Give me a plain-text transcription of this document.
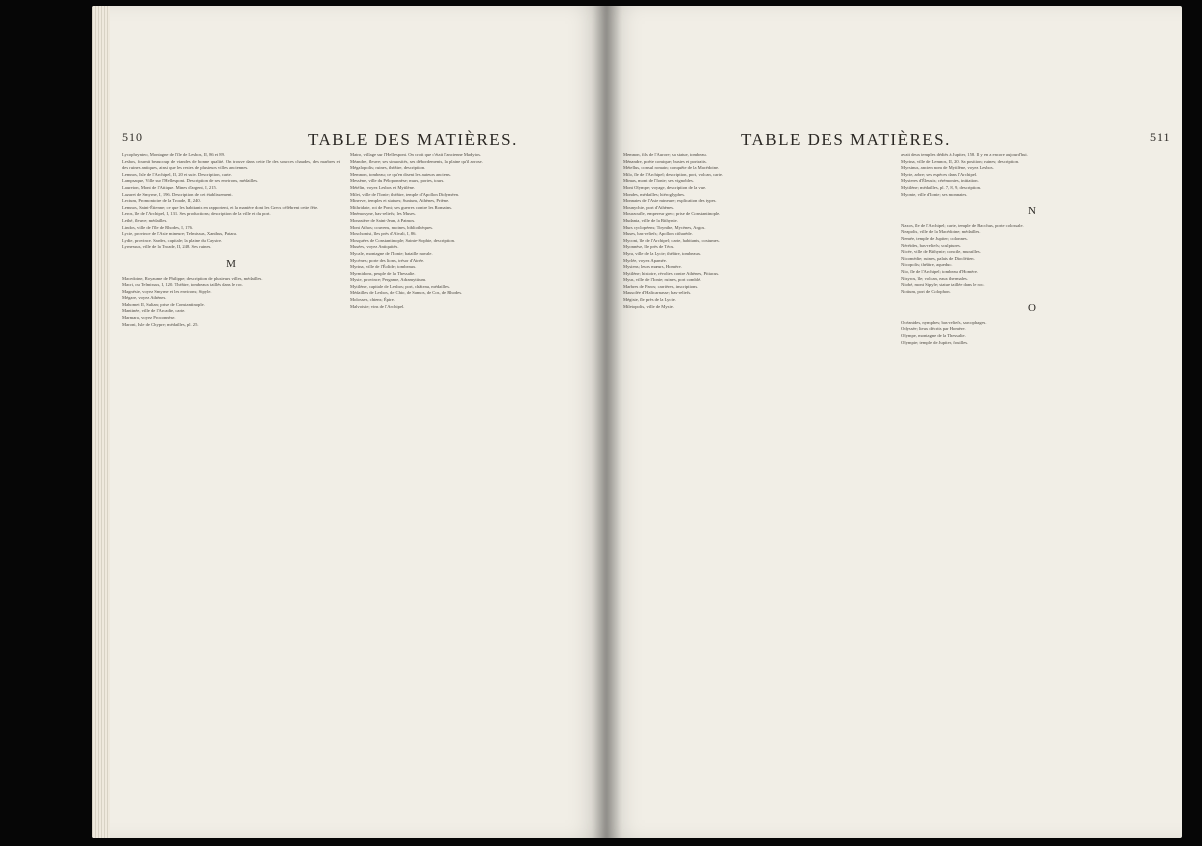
510	TABLE DES MATIÈRES.

Lycophrynteo, Montagne de l'île de Lesbos, II, 86 et 89.

Lesbos, fournit beaucoup de viandes de bonne qualité. On trouve dans cette île des sources chaudes, des marbres et des ruines antiques, ainsi que les restes de plusieurs villes anciennes.

Lemnos, Isle de l'Archipel, II, 20 et suiv. Description, carte.

Lampsaque, Ville sur l'Hellespont. Description de ses environs, médailles.

Laureion, Mont de l'Attique. Mines d'argent, I, 215.

Lazaret de Smyrne, I, 196. Description de cet établissement.

Lectum, Promontoire de la Troade, II, 240.

Lemnos, Saint-Étienne; ce que les habitants en rapportent, et la manière dont les Grecs célèbrent cette fête.

Leros, île de l'Archipel, I, 131. Ses productions; description de la ville et du port.

Lethé, fleuve; médailles.

Lindos, ville de l'île de Rhodes, I, 176.

Lycie, province de l'Asie mineure; Telmissus, Xanthus, Patara.

Lydie, province. Sardes, capitale; la plaine du Caystre.

Lyrnessus, ville de la Troade, II, 248. Ses ruines.

M

Macedoine, Royaume de Philippe; description de plusieurs villes, médailles.

Macri, ou Telmissus, I, 120. Théâtre, tombeaux taillés dans le roc.

Magnésie, voyez Smyrne et les environs; Sipyle.

Mégare, voyez Athènes.

Mahomet II, Sultan; prise de Constantinople.

Mantinée, ville de l'Arcadie, carte.

Marmara, voyez Proconnèse.

Maroni, Isle de Chypre; médailles, pl. 25.

Matro, village sur l'Hellespont. On croit que c'était l'ancienne Madytos.

Méandre, fleuve; ses sinuosités, ses débordements, la plaine qu'il arrose.

Mégalopolis; ruines, théâtre, description.

Memnon, tombeau; ce qu'en disent les auteurs anciens.

Messène, ville du Péloponnèse; murs, portes, tours.

Métélin, voyez Lesbos et Mytilène.

Milet, ville de l'Ionie; théâtre, temple d'Apollon Didyméen.

Minerve, temples et statues; Sunium, Athènes, Priène.

Mithridate, roi de Pont; ses guerres contre les Romains.

Mnémosyne, bas-reliefs; les Muses.

Monastère de Saint-Jean, à Patmos.

Mont Athos; couvens, moines, bibliothèques.

Moschonisi, îles près d'Aïvali, I, 86.

Mosquées de Constantinople; Sainte-Sophie, description.

Musées, voyez Antiquités.

Mycale, montagne de l'Ionie; bataille navale.

Mycènes; porte des lions, trésor d'Atrée.

Myrina, ville de l'Éolide; tombeaux.

Myrmidons, peuple de la Thessalie.

Mysie, province; Pergame, Adramyttium.

Mytilène, capitale de Lesbos; port, château, médailles.

Médailles de Lesbos, de Chio, de Samos, de Cos, de Rhodes.

Molosses, chiens; Épire.

Malvoisie; vins de l'Archipel.

TABLE DES MATIÈRES.	511

Memnon, fils de l'Aurore; sa statue, tombeau.

Ménandre, poète comique; bustes et portraits.

Métellus, consul romain; conquête de la Macédoine.

Milo, île de l'Archipel; description, port, volcan, carte.

Mimas, mont de l'Ionie; ses vignobles.

Mont Olympe; voyage, description de la vue.

Mondes, médailles; hiéroglyphes.

Monnaies de l'Asie mineure; explication des types.

Mounychie, port d'Athènes.

Mourzoufle, empereur grec; prise de Constantinople.

Mudania, ville de la Bithynie.

Murs cyclopéens; Tirynthe, Mycènes, Argos.

Muses, bas-reliefs; Apollon citharède.

Myconi, île de l'Archipel; carte, habitants, costumes.

Myonnèse, île près de Téos.

Myra, ville de la Lycie; théâtre, tombeaux.

Myrlée, voyez Apamée.

Mysiens; leurs mœurs, Homère.

Mytilène; histoire, révoltes contre Athènes, Pittacus.

Myus, ville de l'Ionie; ruines, port comblé.

Marbres de Paros; carrières, inscriptions.

Mausolée d'Halicarnasse; bas-reliefs.

Mégiste, île près de la Lycie.

Miletopolis, ville de Mysie.

avait deux temples dédiés à Jupiter, 158. Il y en a encore aujourd'hui.

Myrina, ville de Lemnos, II, 20. Sa position; ruines; description.

Myrsinus, ancien nom de Mytilène, voyez Lesbos.

Myrte, arbre; ses espèces dans l'Archipel.

Mysteres d'Éleusis; cérémonies, initiation.

Mytilène; médailles, pl. 7, 8, 9, description.

Myonte, ville d'Ionie; ses monnaies.

N

Naxos, île de l'Archipel; carte, temple de Bacchus, porte colossale.

Neapolis, ville de la Macédoine; médailles.

Nemée, temple de Jupiter; colonnes.

Néréides, bas-reliefs; sculptures.

Nicée, ville de Bithynie; concile, murailles.

Nicomédie; ruines, palais de Dioclétien.

Nicopolis; théâtre, aqueduc.

Nio, île de l'Archipel; tombeau d'Homère.

Nisyros, île; volcan, eaux thermales.

Niobé, mont Sipyle; statue taillée dans le roc.

Notium, port de Colophon.

O

Océanides, nymphes; bas-reliefs, sarcophages.

Odyssée; lieux décrits par Homère.

Olympe, montagne de la Thessalie.

Olympie; temple de Jupiter, fouilles.
